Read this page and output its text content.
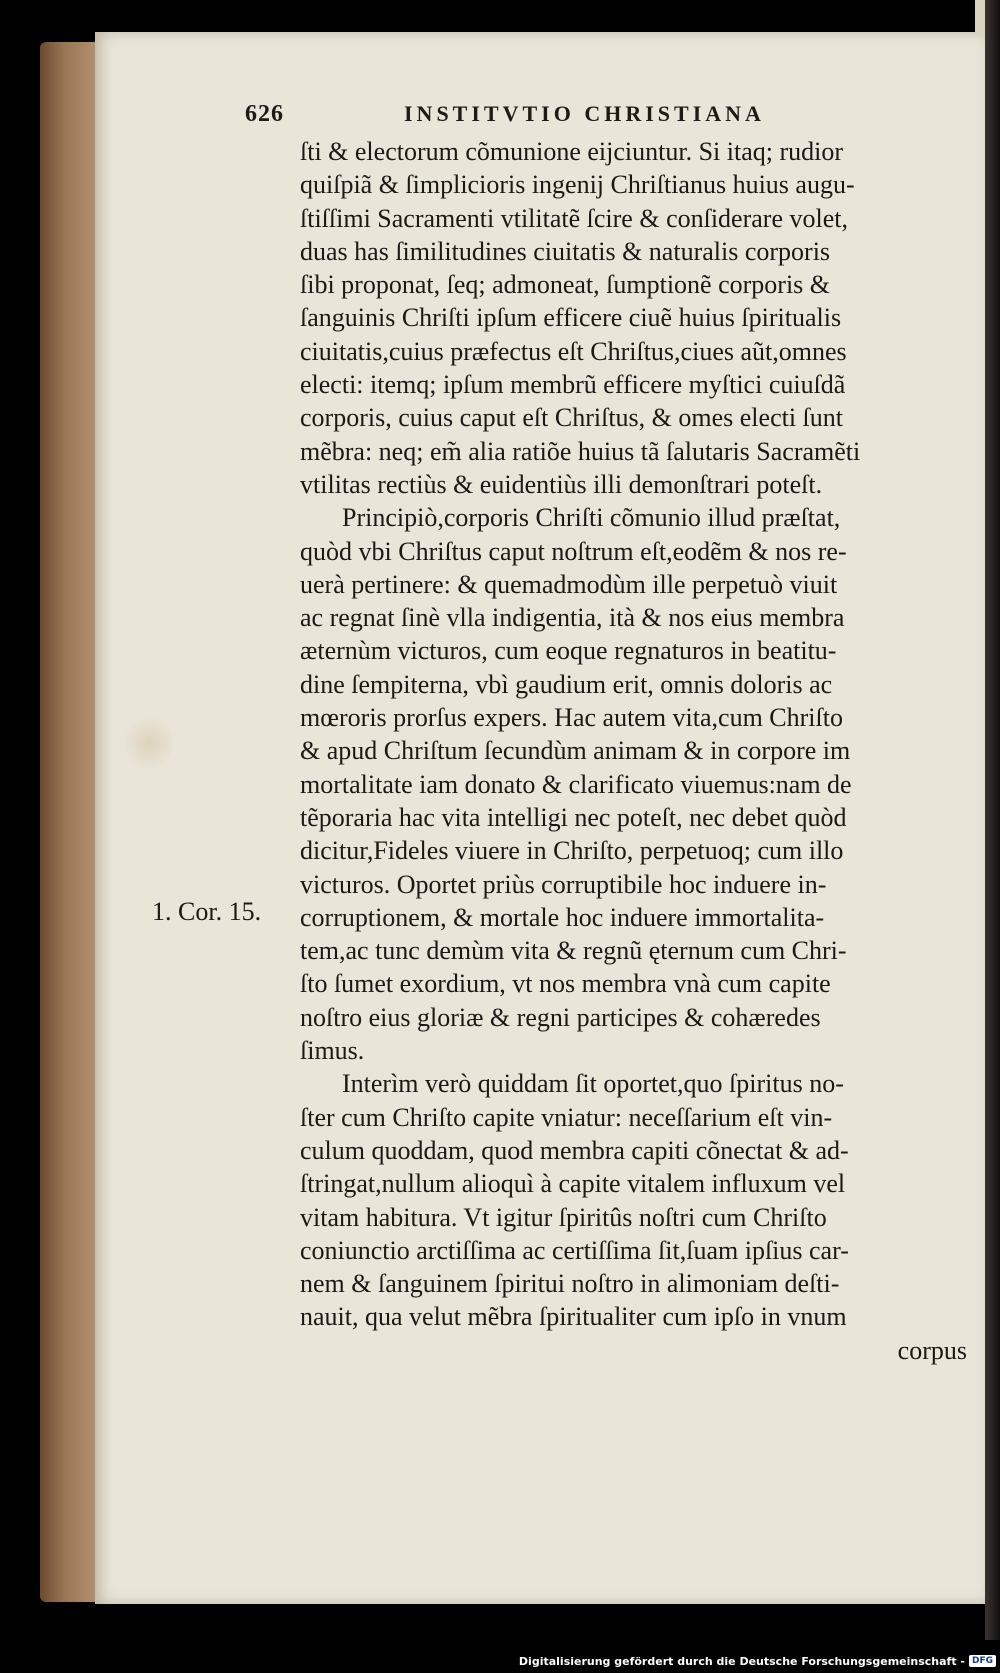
626	INSTITVTIO CHRISTIANA
1. Cor. 15.
ſti & electorum cõmunione eijciuntur. Si itaq; rudior
quiſpiã & ſimplicioris ingenij Chriſtianus huius augu-
ſtiſſimi Sacramenti vtilitatẽ ſcire & conſiderare volet,
duas has ſimilitudines ciuitatis & naturalis corporis
ſibi proponat, ſeq; admoneat, ſumptionẽ corporis &
ſanguinis Chriſti ipſum efficere ciuẽ huius ſpiritualis
ciuitatis,cuius præfectus eſt Chriſtus,ciues aũt,omnes
electi: itemq; ipſum membrũ efficere myſtici cuiuſdã
corporis, cuius caput eſt Chriſtus, & omes electi ſunt
mẽbra: neq; em̃ alia ratiõe huius tã ſalutaris Sacramẽti
vtilitas rectiùs & euidentiùs illi demonſtrari poteſt.
Principiò,corporis Chriſti cõmunio illud præſtat,
quòd vbi Chriſtus caput noſtrum eſt,eodẽm & nos re-
uerà pertinere: & quemadmodùm ille perpetuò viuit
ac regnat ſinè vlla indigentia, ità & nos eius membra
æternùm victuros, cum eoque regnaturos in beatitu-
dine ſempiterna, vbì gaudium erit, omnis doloris ac
mœroris prorſus expers. Hac autem vita,cum Chriſto
& apud Chriſtum ſecundùm animam & in corpore im
mortalitate iam donato & clarificato viuemus:nam de
tẽporaria hac vita intelligi nec poteſt, nec debet quòd
dicitur,Fideles viuere in Chriſto, perpetuoq; cum illo
victuros. Oportet priùs corruptibile hoc induere in-
corruptionem, & mortale hoc induere immortalita-
tem,ac tunc demùm vita & regnũ ęternum cum Chri-
ſto ſumet exordium, vt nos membra vnà cum capite
noſtro eius gloriæ & regni participes & cohæredes
ſimus.
Interìm verò quiddam ſit oportet,quo ſpiritus no-
ſter cum Chriſto capite vniatur: neceſſarium eſt vin-
culum quoddam, quod membra capiti cõnectat & ad-
ſtringat,nullum alioquì à capite vitalem influxum vel
vitam habitura. Vt igitur ſpiritûs noſtri cum Chriſto
coniunctio arctiſſima ac certiſſima ſit,ſuam ipſius car-
nem & ſanguinem ſpiritui noſtro in alimoniam deſti-
nauit, qua velut mẽbra ſpiritualiter cum ipſo in vnum
corpus
Digitalisierung gefördert durch die Deutsche Forschungsgemeinschaft - DFG
